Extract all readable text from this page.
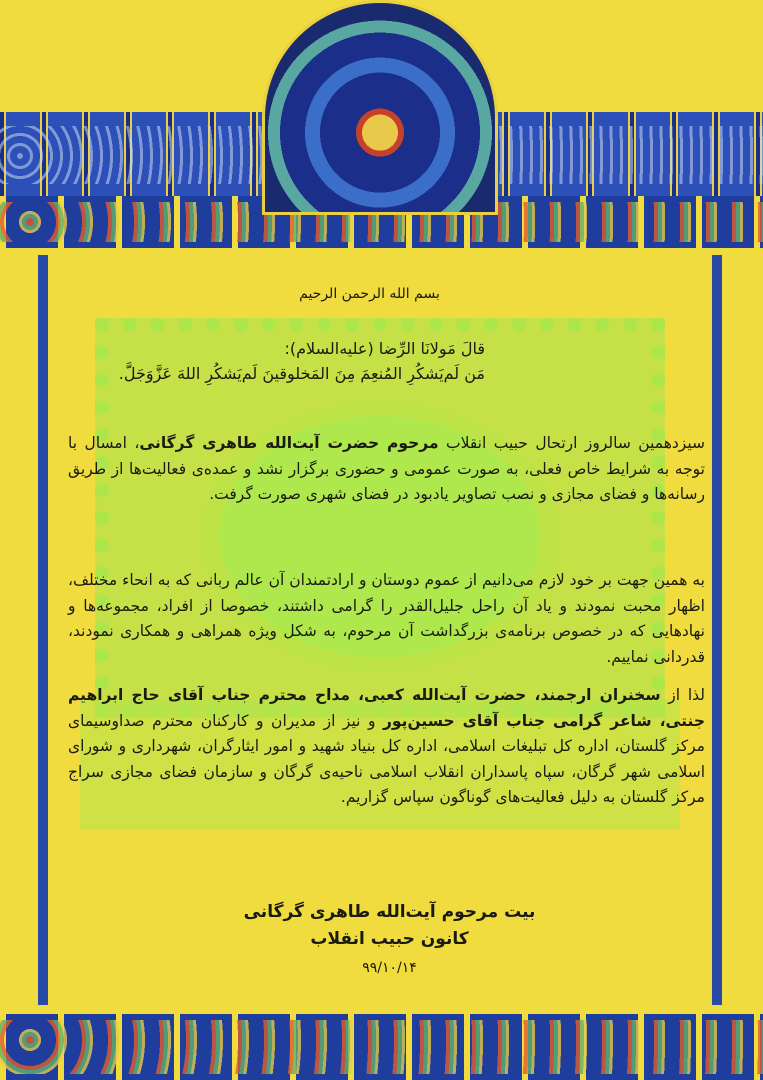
بسم الله الرحمن الرحیم
قالَ مَولانَا الرِّضا (علیه‌السلام):
مَن لَم‌یَشکُرِ المُنعِمَ مِنَ المَخلوقینَ لَم‌یَشکُرِ اللهَ عَزَّوَجَلَّ.
سیزدهمین سالروز ارتحال حبیب انقلاب مرحوم حضرت آیت‌الله طاهری گرگانی، امسال با توجه به شرایط خاص فعلی، به صورت عمومی و حضوری برگزار نشد و عمده‌ی فعالیت‌ها از طریق رسانه‌ها و فضای مجازی و نصب تصاویر یادبود در فضای شهری صورت گرفت.
به همین جهت بر خود لازم می‌دانیم از عموم دوستان و ارادتمندان آن عالم ربانی که به انحاء مختلف، اظهار محبت نمودند و یاد آن راحل جلیل‌القدر را گرامی داشتند، خصوصا از افراد، مجموعه‌ها و نهادهایی که در خصوص برنامه‌ی بزرگداشت آن مرحوم، به شکل ویژه همراهی و همکاری نمودند، قدردانی نماییم.
لذا از سخنران ارجمند، حضرت آیت‌الله کعبی، مداح محترم جناب آقای حاج ابراهیم جنتی، شاعر گرامی جناب آقای حسین‌پور و نیز از مدیران و کارکنان محترم صداوسیمای مرکز گلستان، اداره کل تبلیغات اسلامی، اداره کل بنیاد شهید و امور ایثارگران، شهرداری و شورای اسلامی شهر گرگان، سپاه پاسداران انقلاب اسلامی ناحیه‌ی گرگان و سازمان فضای مجازی سراج مرکز گلستان به دلیل فعالیت‌های گوناگون سپاس گزاریم.
بیت مرحوم آیت‌الله طاهری گرگانی
کانون حبیب انقلاب
۹۹/۱۰/۱۴
